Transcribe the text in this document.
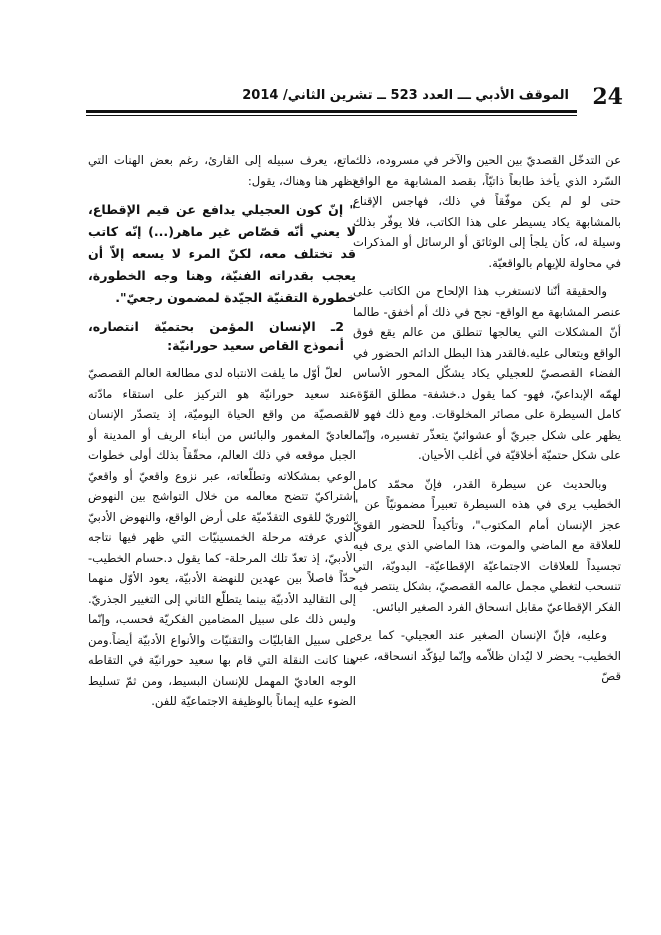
24
الموقف الأدبي ـــ العدد 523 ــ تشرين الثاني/ 2014

عن التدخّل القصديّ بين الحين والآخر في مسروده، ذلك السّرد الذي يأخذ طابعاً ذاتيّاً، بقصد المشابهة مع الواقع حتى لو لم يكن موفّقاً في ذلك، فهاجس الإقناع بالمشابهة يكاد يسيطر على هذا الكاتب، فلا يوفّر بذلك وسيلة له، كأن يلجأ إلى الوثائق أو الرسائل أو المذكرات في محاولة للإيهام بالواقعيّة.

والحقيقة أنّنا لانستغرب هذا الإلحاح من الكاتب على عنصر المشابهة مع الواقع- نجح في ذلك أم أخفق- طالما أنّ المشكلات التي يعالجها تنطلق من عالم يقع فوق الواقع ويتعالى عليه.فالقدر هذا البطل الدائم الحضور في الفضاء القصصيّ للعجيلي يكاد يشكّل المحور الأساس لهمّه الإبداعيّ، فهو- كما يقول د.خشفة- مطلق القوّة، كامل السيطرة على مصائر المخلوقات. ومع ذلك فهو لا يظهر على شكل جبريّ أو عشوائيّ يتعذّر تفسيره، وإنّما على شكل حتميّة أخلاقيّة في أغلب الأحيان.

وبالحديث عن سيطرة القدر، فإنّ محمّد كامل الخطيب يرى في هذه السيطرة تعبيراً مضمونيّاً عن " عجز الإنسان أمام المكتوب"، وتأكيداً للحضور القويّ للعلاقة مع الماضي والموت، هذا الماضي الذي يرى فيه تجسيداً للعلاقات الاجتماعيّة الإقطاعيّة- البدويّة، التي تنسحب لتغطي مجمل عالمه القصصيّ، بشكل ينتصر فيه الفكر الإقطاعيّ مقابل انسحاق الفرد الصغير البائس.

وعليه، فإنّ الإنسان الصغير عند العجيلي- كما يرى الخطيب- يحضر لا ليُدان ظلاّمه وإنّما ليؤكّد انسحاقه، عبر قصّ

ماتع، يعرف سبيله إلى القارئ، رغم بعض الهنات التي تظهر هنا وهناك، يقول:

" إنّ كون العجيلي يدافع عن قيم الإقطاع، لا يعني أنّه قصّاص غير ماهر(...) إنّه كاتب قد تختلف معه، لكنّ المرء لا يسعه إلاّ أن يعجب بقدراته الفنيّة، وهنا وجه الخطورة، خطورة التقنيّة الجيّدة لمضمون رجعيّ".

2ـ الإنسان المؤمن بحتميّة انتصاره، أنموذج القاص سعيد حورانيّة:

لعلّ أوّل ما يلفت الانتباه لدى مطالعة العالم القصصيّ عند سعيد حورانيّة هو التركيز على استقاء مادّته القصصيّة من واقع الحياة اليوميّة، إذ يتصدّر الإنسان العاديّ المغمور والبائس من أبناء الريف أو المدينة أو الجبل موقعه في ذلك العالم، محقّقاً بذلك أولى خطوات الوعي بمشكلاته وتطلّعاته، عبر نزوع واقعيّ أو واقعيّ اشتراكيّ تتضح معالمه من خلال التواشج بين النهوض الثوريّ للقوى التقدّميّة على أرض الواقع، والنهوض الأدبيّ الذي عرفته مرحلة الخمسينيّات التي ظهر فيها نتاجه الأدبيّ، إذ تعدّ تلك المرحلة- كما يقول د.حسام الخطيب- حدّاً فاصلاً بين عهدين للنهضة الأدبيّة، يعود الأوّل منهما إلى التقاليد الأدبيّة بينما يتطلّع الثاني إلى التغيير الجذريّ. وليس ذلك على سبيل المضامين الفكريّة فحسب، وإنّما على سبيل القابليّات والتقنيّات والأنواع الأدبيّة أيضاً.ومن هنا كانت النقلة التي قام بها سعيد حورانيّة في التقاطه الوجه العاديّ المهمل للإنسان البسيط، ومن ثمّ تسليط الضوء عليه إيماناً بالوظيفة الاجتماعيّة للفن.
